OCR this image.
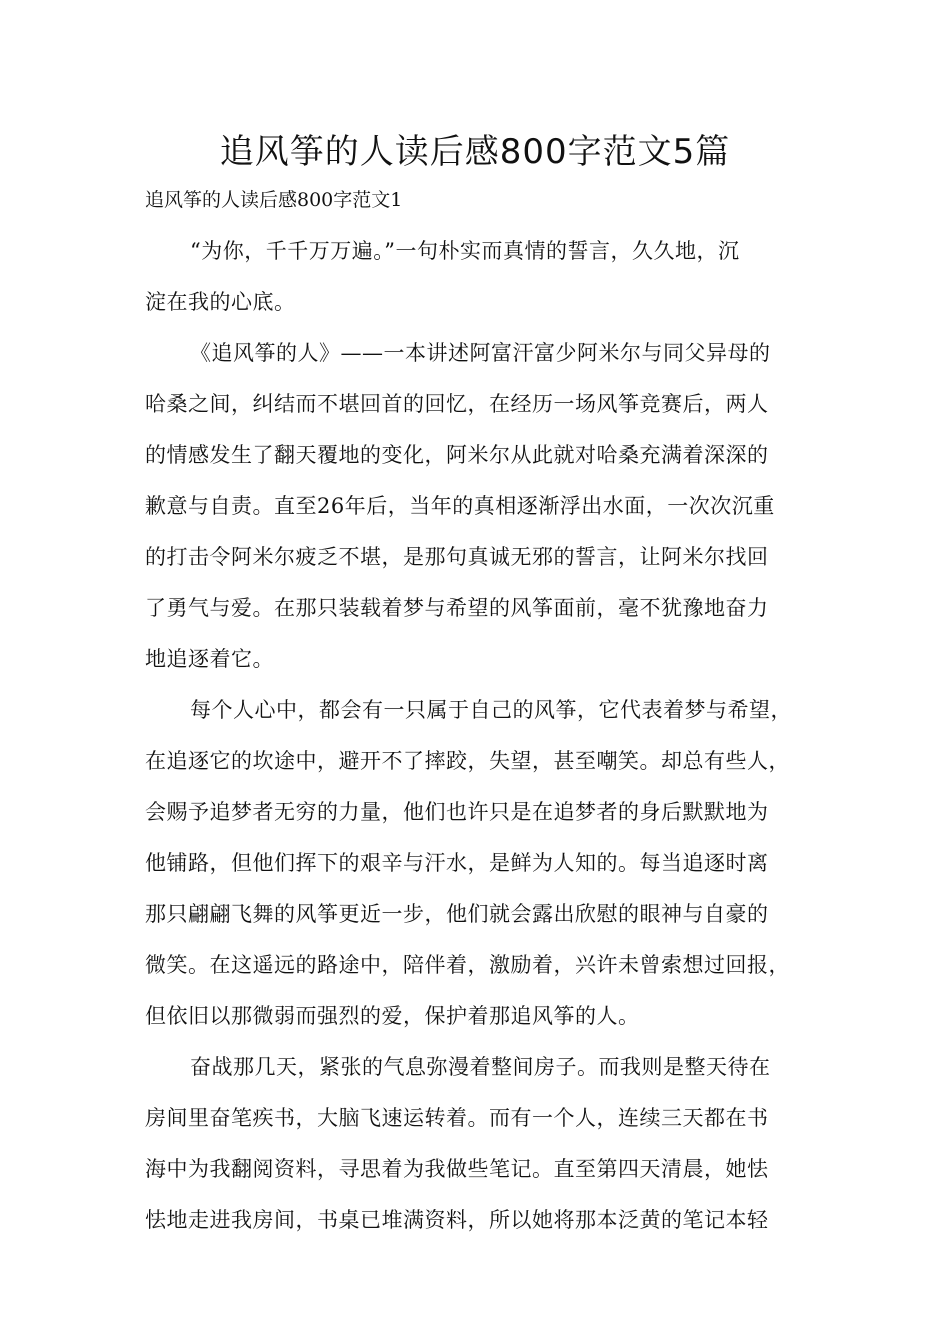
追风筝的人读后感800字范文5篇

追风筝的人读后感800字范文1

“为你，千千万万遍。”一句朴实而真情的誓言，久久地，沉
淀在我的心底。

《追风筝的人》——一本讲述阿富汗富少阿米尔与同父异母的
哈桑之间，纠结而不堪回首的回忆，在经历一场风筝竞赛后，两人
的情感发生了翻天覆地的变化，阿米尔从此就对哈桑充满着深深的
歉意与自责。直至26年后，当年的真相逐渐浮出水面，一次次沉重
的打击令阿米尔疲乏不堪，是那句真诚无邪的誓言，让阿米尔找回
了勇气与爱。在那只装载着梦与希望的风筝面前，毫不犹豫地奋力
地追逐着它。

每个人心中，都会有一只属于自己的风筝，它代表着梦与希望，
在追逐它的坎途中，避开不了摔跤，失望，甚至嘲笑。却总有些人，
会赐予追梦者无穷的力量，他们也许只是在追梦者的身后默默地为
他铺路，但他们挥下的艰辛与汗水，是鲜为人知的。每当追逐时离
那只翩翩飞舞的风筝更近一步，他们就会露出欣慰的眼神与自豪的
微笑。在这遥远的路途中，陪伴着，激励着，兴许未曾索想过回报，
但依旧以那微弱而强烈的爱，保护着那追风筝的人。

奋战那几天，紧张的气息弥漫着整间房子。而我则是整天待在
房间里奋笔疾书，大脑飞速运转着。而有一个人，连续三天都在书
海中为我翻阅资料，寻思着为我做些笔记。直至第四天清晨，她怯
怯地走进我房间，书桌已堆满资料，所以她将那本泛黄的笔记本轻
